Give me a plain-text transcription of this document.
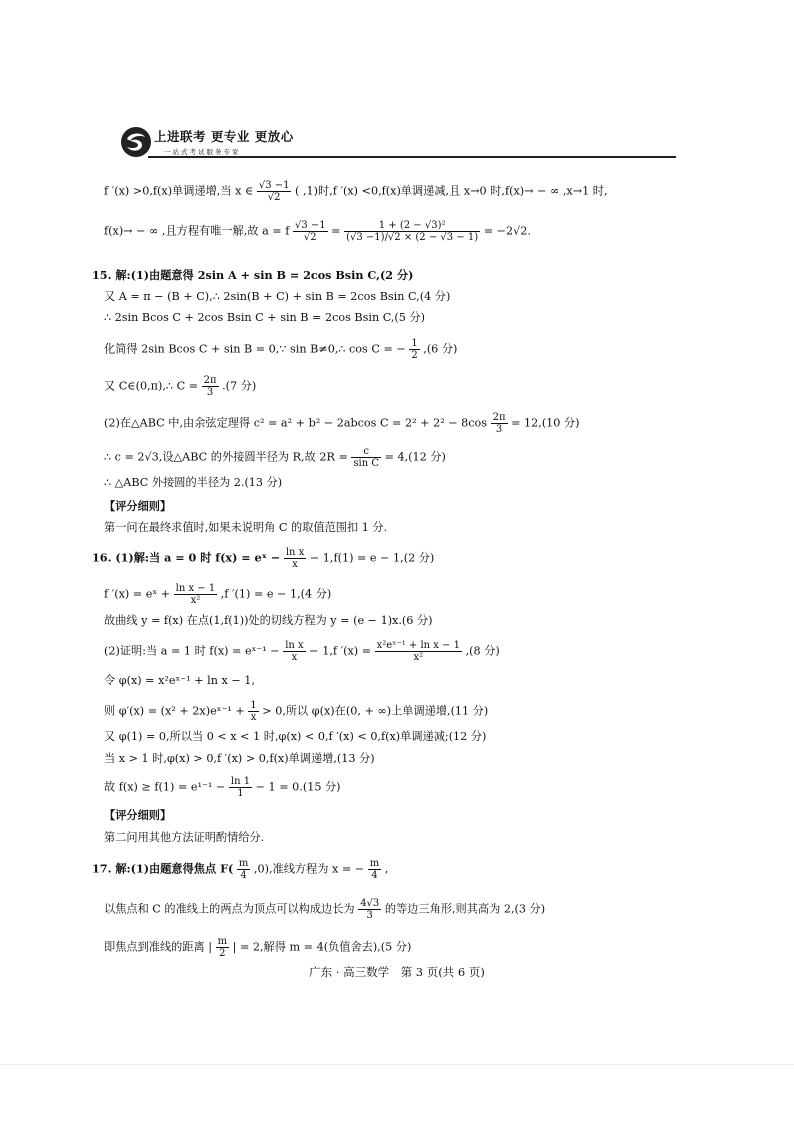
上进联考 更专业 更放心
一站式考试服务专家
f ′(x) >0,f(x)单调递增,当 x ∈ $\frac{√3 -1}{√2}$ ( ,1)时,f ′(x) <0,f(x)单调递减,且 x→0 时,f(x)→ − ∞ ,x→1 时,
f(x)→ − ∞ ,且方程有唯一解,故 a = f $\frac{√3 -1}{√2} = \frac{\text{1 + (2 − √3)²}}{(√3 -1)/√2 \times (2 - √3 - 1)} = -2√2$.
15. 解:(1)由题意得 2sin A + sin B = 2cos Bsin C,(2 分)
又 A = π − (B + C),∴ 2sin(B + C) + sin B = 2cos Bsin C,(4 分)
∴ 2sin Bcos C + 2cos Bsin C + sin B = 2cos Bsin C,(5 分)
化简得 2sin Bcos C + sin B = 0,∵ sin B≠0,∴ cos C = − $\frac{1}{2} ,(6$ 分)
又 C∈(0,π),∴ $C = \frac{2\pi}{3} .(7$ 分)
(2)在△ABC 中,由余弦定理得 c² = a² + b² − 2abcos $C = 2^2 + 2^2 - 8\cos \frac{2\pi}{3} = 12,(10$ 分)
∴ c = 2√3,设△ABC 的外接圆半径为 R,故 $2R = \frac{c}{\text{sin C}} = 4,(12$ 分)
∴ △ABC 外接圆的半径为 2.(13 分)
【评分细则】
第一问在最终求值时,如果未说明角 C 的取值范围扣 1 分.
16. (1)解:当 a = 0 时 f(x) = eˣ − $\frac{\text{ln x}}{x} - 1,f(1) = e - 1,(2$ 分)
f ′(x) = eˣ + $\frac{\text{ln x − 1}}{\text{x²}} ,f$ ′(1) = e − 1,(4 分)
故曲线 y = f(x) 在点(1,f(1))处的切线方程为 y = (e − 1)x.(6 分)
(2)证明:当 a = 1 时 f(x) = eˣ⁻¹ − $\frac{\text{ln x}}{x} - 1,f$ $'(x) = \frac{\text{x²eˣ⁻¹ + ln x − 1}}{\text{x²}} ,(8$ 分)
令 φ(x) = x²eˣ⁻¹ + ln x − 1,
则 φ′(x) = (x² + 2x)eˣ⁻¹ + $\frac{1}{x} > 0$,所以 φ(x)在(0, + ∞)上单调递增,(11 分)
又 φ(1) = 0,所以当 0 < x < 1 时,φ(x) < 0,f ′(x) < 0,f(x)单调递减;(12 分)
当 x > 1 时,φ(x) > 0,f ′(x) > 0,f(x)单调递增,(13 分)
故 $f(x) \ge f(1) = e^{1-1} - \frac{\ln 1}{1} - 1 = 0.(15$ 分)
【评分细则】
第二问用其他方法证明酌情给分.
17. 解:(1)由题意得焦点 $F( \frac{m}{4} ,0)$,准线方程为 x = − $\frac{m}{4}$ ,
以焦点和 C 的准线上的两点为顶点可以构成边长为 $\frac{4√3}{3}$ 的等边三角形,则其高为 2,(3 分)
即焦点到准线的距离 | $\frac{m}{2}$ | = 2,解得 m = 4(负值舍去),(5 分)
广东 · 高三数学　第 3 页(共 6 页)
